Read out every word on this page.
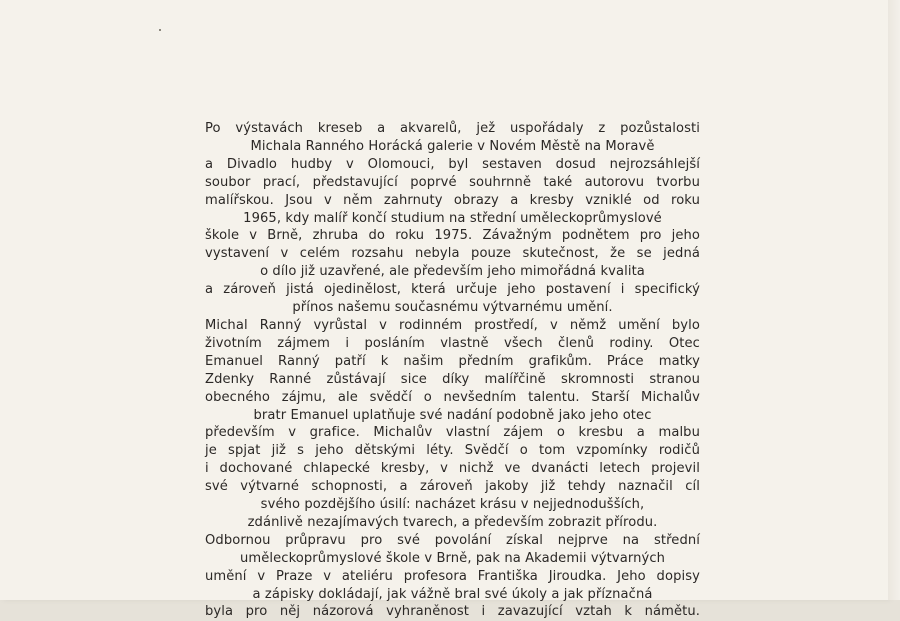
Po výstavách kreseb a akvarelů, jež uspořádaly z pozůstalosti
Michala Ranného Horácká galerie v Novém Městě na Moravě
a Divadlo hudby v Olomouci, byl sestaven dosud nejrozsáhlejší
soubor prací, představující poprvé souhrnně také autorovu tvorbu
malířskou. Jsou v něm zahrnuty obrazy a kresby vzniklé od roku
1965, kdy malíř končí studium na střední uměleckoprůmyslové
škole v Brně, zhruba do roku 1975. Závažným podnětem pro jeho
vystavení v celém rozsahu nebyla pouze skutečnost, že se jedná
o dílo již uzavřené, ale především jeho mimořádná kvalita
a zároveň jistá ojedinělost, která určuje jeho postavení i specifický
přínos našemu současnému výtvarnému umění.
Michal Ranný vyrůstal v rodinném prostředí, v němž umění bylo
životním zájmem i posláním vlastně všech členů rodiny. Otec
Emanuel Ranný patří k našim předním grafikům. Práce matky
Zdenky Ranné zůstávají sice díky malířčině skromnosti stranou
obecného zájmu, ale svědčí o nevšedním talentu. Starší Michalův
bratr Emanuel uplatňuje své nadání podobně jako jeho otec
především v grafice. Michalův vlastní zájem o kresbu a malbu
je spjat již s jeho dětskými léty. Svědčí o tom vzpomínky rodičů
i dochované chlapecké kresby, v nichž ve dvanácti letech projevil
své výtvarné schopnosti, a zároveň jakoby již tehdy naznačil cíl
svého pozdějšího úsilí: nacházet krásu v nejjednodušších,
zdánlivě nezajímavých tvarech, a především zobrazit přírodu.
Odbornou průpravu pro své povolání získal nejprve na střední
uměleckoprůmyslové škole v Brně, pak na Akademii výtvarných
umění v Praze v ateliéru profesora Františka Jiroudka. Jeho dopisy
a zápisky dokládají, jak vážně bral své úkoly a jak příznačná
byla pro něj názorová vyhraněnost i zavazující vztah k námětu.
